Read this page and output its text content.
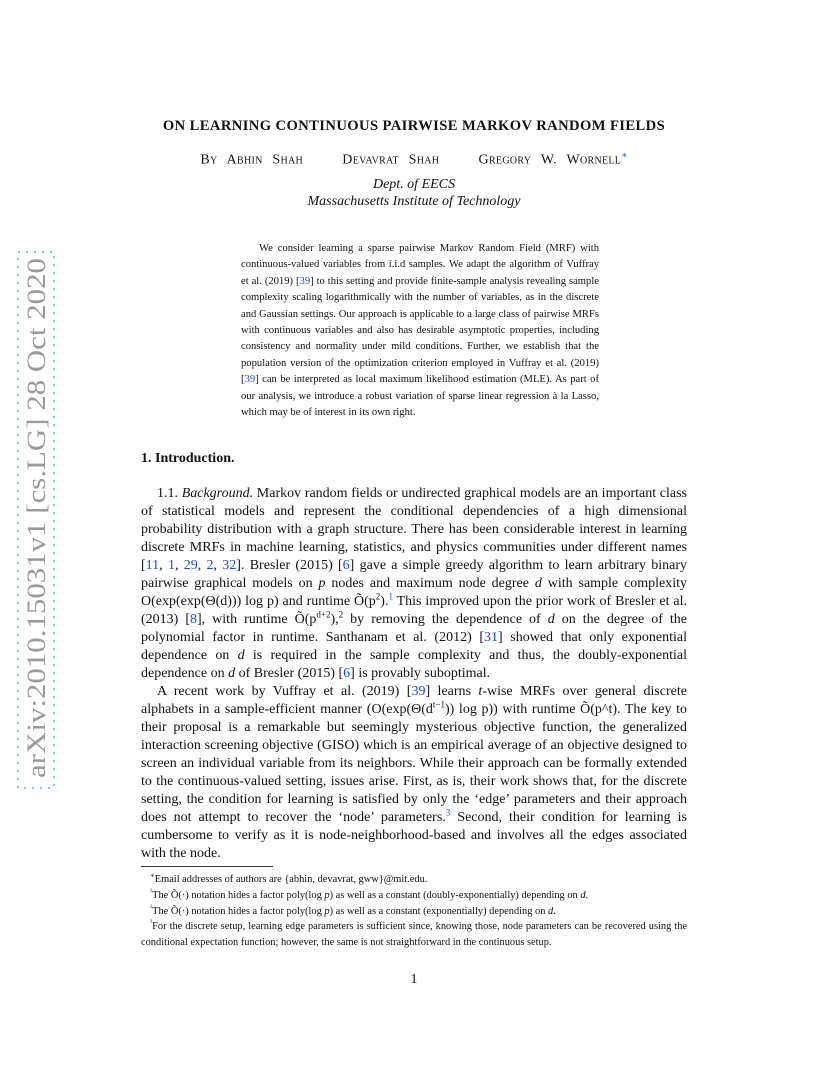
arXiv:2010.15031v1 [cs.LG] 28 Oct 2020
ON LEARNING CONTINUOUS PAIRWISE MARKOV RANDOM FIELDS
By Abhin Shah	Devavrat Shah	Gregory W. Wornell∗
Dept. of EECS
Massachusetts Institute of Technology

We consider learning a sparse pairwise Markov Random Field (MRF) with continuous-valued variables from i.i.d samples. We adapt the algorithm of Vuffray et al. (2019) [39] to this setting and provide finite-sample analysis revealing sample complexity scaling logarithmically with the number of variables, as in the discrete and Gaussian settings. Our approach is applicable to a large class of pairwise MRFs with continuous variables and also has desirable asymptotic properties, including consistency and normality under mild conditions. Further, we establish that the population version of the optimization criterion employed in Vuffray et al. (2019) [39] can be interpreted as local maximum likelihood estimation (MLE). As part of our analysis, we introduce a robust variation of sparse linear regression à la Lasso, which may be of interest in its own right.

1. Introduction.

1.1. Background. Markov random fields or undirected graphical models are an important class of statistical models and represent the conditional dependencies of a high dimensional probability distribution with a graph structure. There has been considerable interest in learning discrete MRFs in machine learning, statistics, and physics communities under different names [11, 1, 29, 2, 32]. Bresler (2015) [6] gave a simple greedy algorithm to learn arbitrary binary pairwise graphical models on p nodes and maximum node degree d with sample complexity O(exp(exp(Θ(d))) log p) and runtime $Õ(p^2).^1$ This improved upon the prior work of Bresler et al. (2013) [8], with runtime $Õ(p^{d+2}),^2$ by removing the dependence of d on the degree of the polynomial factor in runtime. Santhanam et al. (2012) [31] showed that only exponential dependence on d is required in the sample complexity and thus, the doubly-exponential dependence on d of Bresler (2015) [6] is provably suboptimal.

A recent work by Vuffray et al. (2019) [39] learns t-wise MRFs over general discrete alphabets in a sample-efficient manner ($O(\exp(\Theta(d^{t-1}))$ log p)) with runtime Õ(p^t). The key to their proposal is a remarkable but seemingly mysterious objective function, the generalized interaction screening objective (GISO) which is an empirical average of an objective designed to screen an individual variable from its neighbors. While their approach can be formally extended to the continuous-valued setting, issues arise. First, as is, their work shows that, for the discrete setting, the condition for learning is satisfied by only the ‘edge’ parameters and their approach does not attempt to recover the ‘node’ parameters.$^3$ Second, their condition for learning is cumbersome to verify as it is node-neighborhood-based and involves all the edges associated with the node.

∗Email addresses of authors are {abhin, devavrat, gww}@mit.edu.

$^{^1}$The Õ(·) notation hides a factor poly(log p) as well as a constant (doubly-exponentially) depending on d.

$^{^2}$The Õ(·) notation hides a factor poly(log p) as well as a constant (exponentially) depending on d.

$^{^3}$For the discrete setup, learning edge parameters is sufficient since, knowing those, node parameters can be recovered using the conditional expectation function; however, the same is not straightforward in the continuous setup.

1
